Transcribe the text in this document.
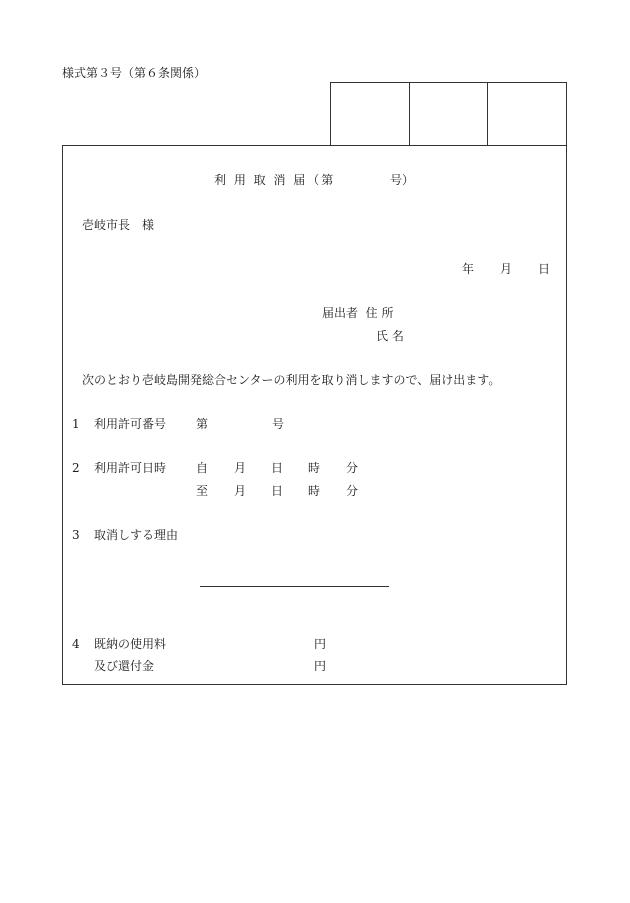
様式第３号（第６条関係）
利 用 取 消 届（第	号）
壱岐市長　様
年 月 日
届出者 住 所
氏 名
次のとおり壱岐島開発総合センターの利用を取り消しますので、届け出ます。
1 利用許可番号 第	号
2 利用許可日時 自 月 日 時 分
至 月 日 時 分
3 取消しする理由
4 既納の使用料
及び還付金
円
円
